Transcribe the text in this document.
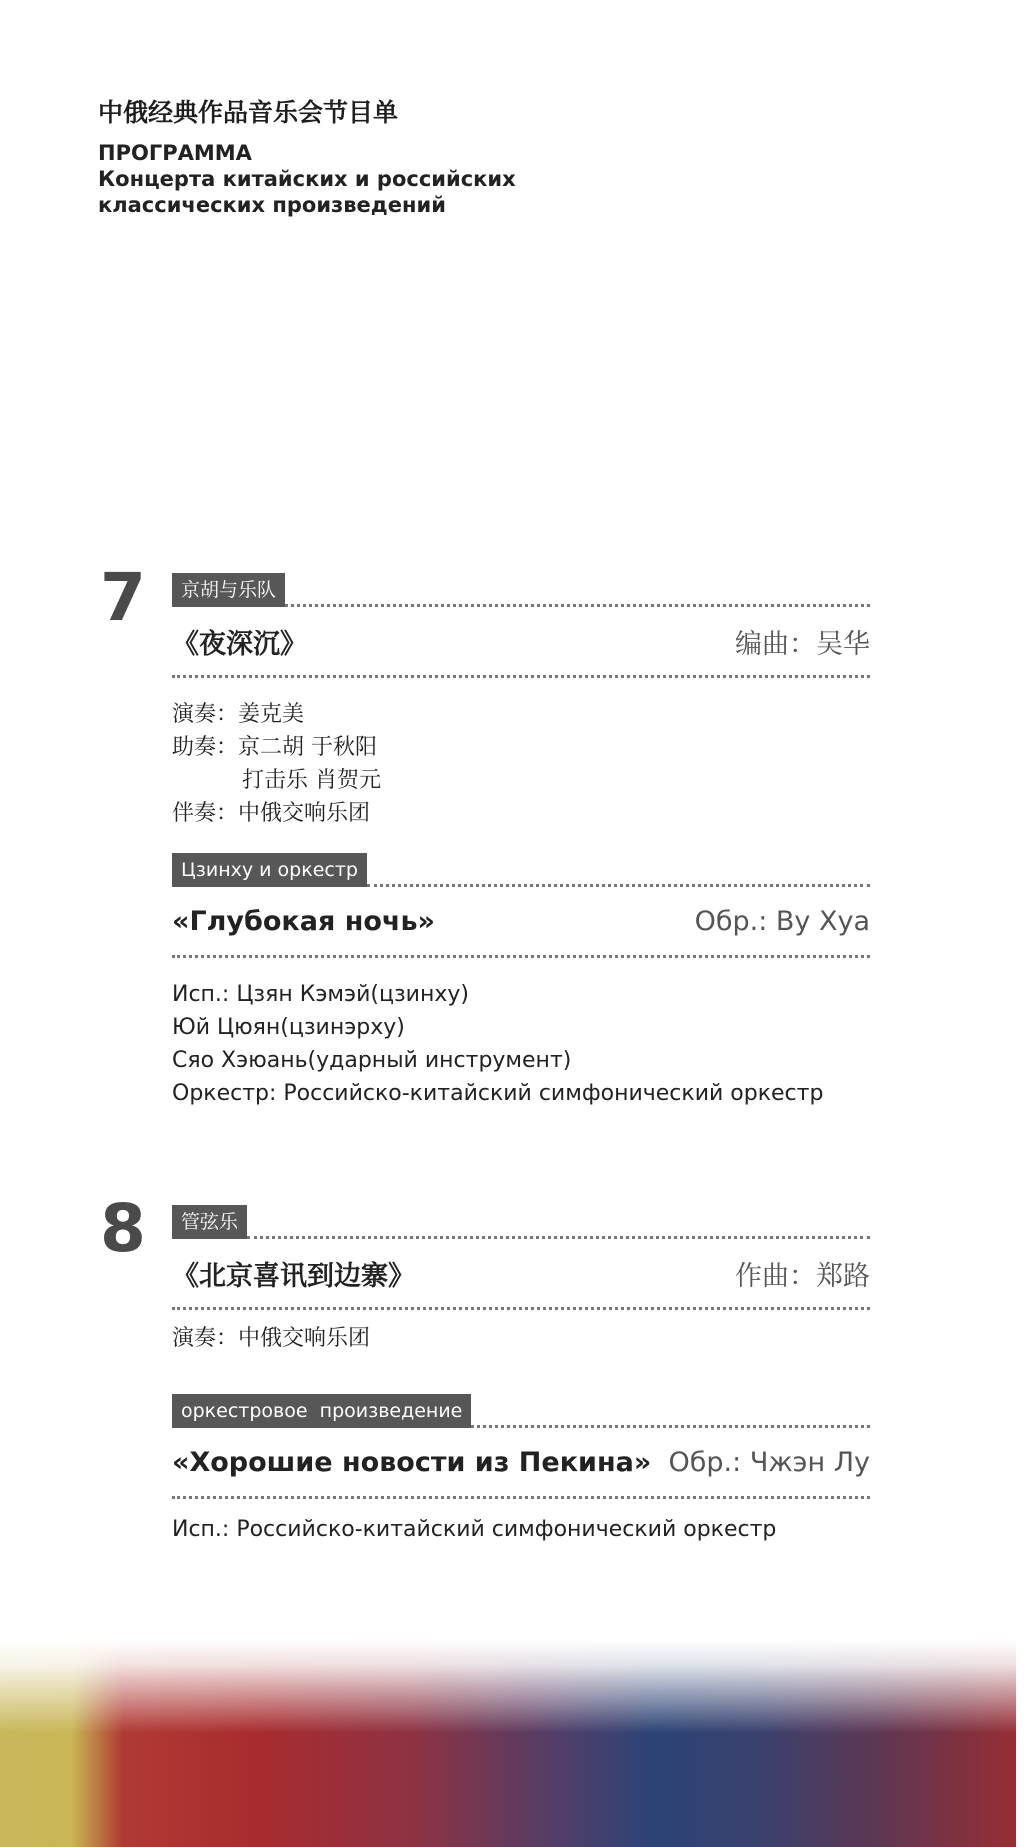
中俄经典作品音乐会节目单
ПРОГРАММА
Концерта китайских и российских
классических произведений
7	京胡与乐队
《夜深沉》	编曲：吴华
演奏：姜克美
助奏：京二胡 于秋阳
打击乐 肖贺元
伴奏：中俄交响乐团
Цзинху и оркестр
«Глубокая ночь»	Обр.: Ву Хуа
Исп.: Цзян Кэмэй(цзинху)
Юй Цюян(цзинэрху)
Сяо Хэюань(ударный инструмент)
Оркестр: Российско-китайский симфонический оркестр
8	管弦乐
《北京喜讯到边寨》	作曲：郑路
演奏：中俄交响乐团
оркестровое  произведение
«Хорошие новости из Пекина» Обр.: Чжэн Лу
Исп.: Российско-китайский симфонический оркестр
